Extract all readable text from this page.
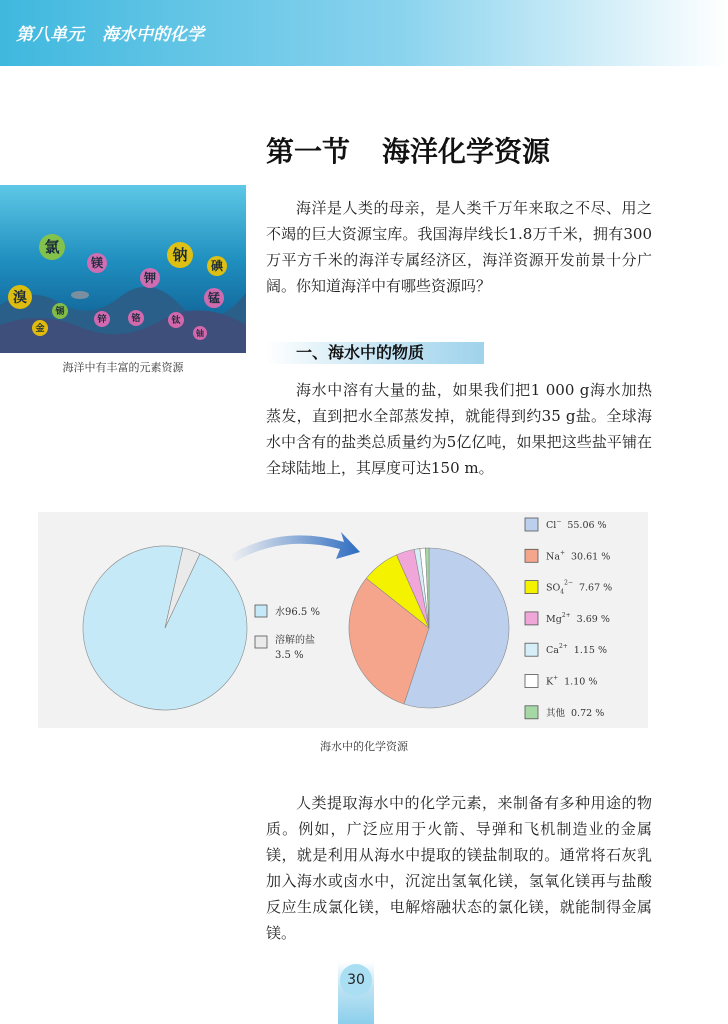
第八单元 海水中的化学
第一节 海洋化学资源

海洋是人类的母亲，是人类千万年来取之不尽、用之不竭的巨大资源宝库。我国海岸线长1.8万千米，拥有300万平方千米的海洋专属经济区，海洋资源开发前景十分广阔。你知道海洋中有哪些资源吗？

氯
镁	钠
碘
钾
溴	锰
锡
锌	铬	钛
金	铀
海洋中有丰富的元素资源
一、海水中的物质

海水中溶有大量的盐，如果我们把1 000 g海水加热蒸发，直到把水全部蒸发掉，就能得到约35 g盐。全球海水中含有的盐类总质量约为5亿亿吨，如果把这些盐平铺在全球陆地上，其厚度可达150 m。

水96.5 %
溶解的盐
3.5 %
Cl− 55.06 %
Na+ 30.61 %
$SO_4^{2-}$ 7.67 %
$Mg^{2+}$ 3.69 %
$Ca^{2+}$ 1.15 %
K+ 1.10 %
其他 0.72 %
海水中的化学资源

人类提取海水中的化学元素，来制备有多种用途的物质。例如，广泛应用于火箭、导弹和飞机制造业的金属镁，就是利用从海水中提取的镁盐制取的。通常将石灰乳加入海水或卤水中，沉淀出氢氧化镁，氢氧化镁再与盐酸反应生成氯化镁，电解熔融状态的氯化镁，就能制得金属镁。

30
